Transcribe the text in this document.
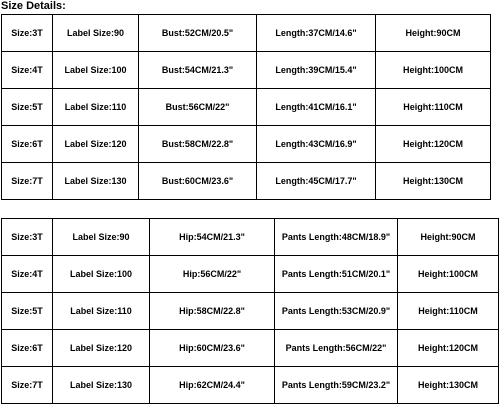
Size Details:
Size:3T	Label Size:90	Bust:52CM/20.5"	Length:37CM/14.6"	Height:90CM
Size:4T	Label Size:100	Bust:54CM/21.3"	Length:39CM/15.4"	Height:100CM
Size:5T	Label Size:110	Bust:56CM/22"	Length:41CM/16.1"	Height:110CM
Size:6T	Label Size:120	Bust:58CM/22.8"	Length:43CM/16.9"	Height:120CM
Size:7T	Label Size:130	Bust:60CM/23.6"	Length:45CM/17.7"	Height:130CM
Size:3T	Label Size:90	Hip:54CM/21.3"	Pants Length:48CM/18.9"	Height:90CM
Size:4T	Label Size:100	Hip:56CM/22"	Pants Length:51CM/20.1"	Height:100CM
Size:5T	Label Size:110	Hip:58CM/22.8"	Pants Length:53CM/20.9"	Height:110CM
Size:6T	Label Size:120	Hip:60CM/23.6"	Pants Length:56CM/22"	Height:120CM
Size:7T	Label Size:130	Hip:62CM/24.4"	Pants Length:59CM/23.2"	Height:130CM
